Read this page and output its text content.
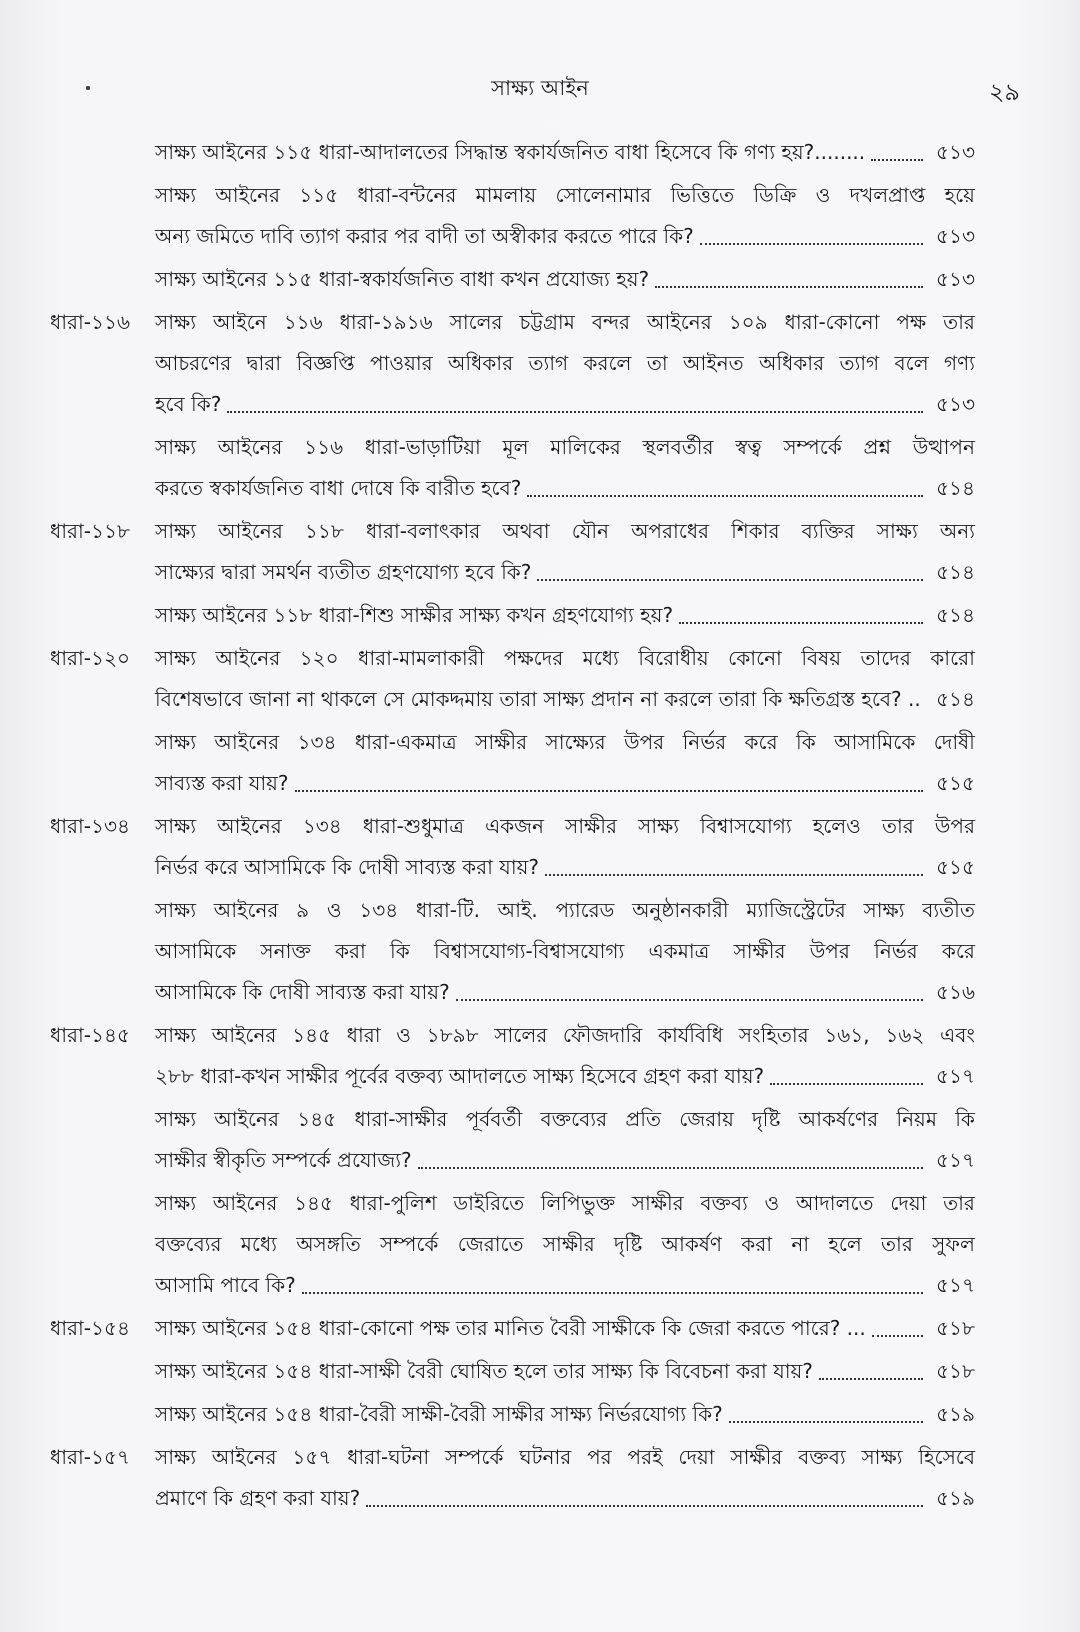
সাক্ষ্য আইন	২৯
সাক্ষ্য আইনের ১১৫ ধারা-আদালতের সিদ্ধান্ত স্বকার্যজনিত বাধা হিসেবে কি গণ্য হয়?........	৫১৩
সাক্ষ্য আইনের ১১৫ ধারা-বন্টনের মামলায় সোলেনামার ভিত্তিতে ডিক্রি ও দখলপ্রাপ্ত হয়ে
অন্য জমিতে দাবি ত্যাগ করার পর বাদী তা অস্বীকার করতে পারে কি?	৫১৩
সাক্ষ্য আইনের ১১৫ ধারা-স্বকার্যজনিত বাধা কখন প্রযোজ্য হয়?	৫১৩
ধারা-১১৬	সাক্ষ্য আইনে ১১৬ ধারা-১৯১৬ সালের চট্টগ্রাম বন্দর আইনের ১০৯ ধারা-কোনো পক্ষ তার
আচরণের দ্বারা বিজ্ঞপ্তি পাওয়ার অধিকার ত্যাগ করলে তা আইনত অধিকার ত্যাগ বলে গণ্য
হবে কি?	৫১৩
সাক্ষ্য আইনের ১১৬ ধারা-ভাড়াটিয়া মূল মালিকের স্থলবর্তীর স্বত্ব সম্পর্কে প্রশ্ন উত্থাপন
করতে স্বকার্যজনিত বাধা দোষে কি বারীত হবে?	৫১৪
ধারা-১১৮	সাক্ষ্য আইনের ১১৮ ধারা-বলাৎকার অথবা যৌন অপরাধের শিকার ব্যক্তির সাক্ষ্য অন্য
সাক্ষ্যের দ্বারা সমর্থন ব্যতীত গ্রহণযোগ্য হবে কি?	৫১৪
সাক্ষ্য আইনের ১১৮ ধারা-শিশু সাক্ষীর সাক্ষ্য কখন গ্রহণযোগ্য হয়?	৫১৪
ধারা-১২০	সাক্ষ্য আইনের ১২০ ধারা-মামলাকারী পক্ষদের মধ্যে বিরোধীয় কোনো বিষয় তাদের কারো
বিশেষভাবে জানা না থাকলে সে মোকদ্দমায় তারা সাক্ষ্য প্রদান না করলে তারা কি ক্ষতিগ্রস্ত হবে? .. ৫১৪
সাক্ষ্য আইনের ১৩৪ ধারা-একমাত্র সাক্ষীর সাক্ষ্যের উপর নির্ভর করে কি আসামিকে দোষী
সাব্যস্ত করা যায়?	৫১৫
ধারা-১৩৪	সাক্ষ্য আইনের ১৩৪ ধারা-শুধুমাত্র একজন সাক্ষীর সাক্ষ্য বিশ্বাসযোগ্য হলেও তার উপর
নির্ভর করে আসামিকে কি দোষী সাব্যস্ত করা যায়?	৫১৫
সাক্ষ্য আইনের ৯ ও ১৩৪ ধারা-টি. আই. প্যারেড অনুষ্ঠানকারী ম্যাজিস্ট্রেটের সাক্ষ্য ব্যতীত
আসামিকে সনাক্ত করা কি বিশ্বাসযোগ্য-বিশ্বাসযোগ্য একমাত্র সাক্ষীর উপর নির্ভর করে
আসামিকে কি দোষী সাব্যস্ত করা যায়?	৫১৬
ধারা-১৪৫	সাক্ষ্য আইনের ১৪৫ ধারা ও ১৮৯৮ সালের ফৌজদারি কার্যবিধি সংহিতার ১৬১, ১৬২ এবং
২৮৮ ধারা-কখন সাক্ষীর পূর্বের বক্তব্য আদালতে সাক্ষ্য হিসেবে গ্রহণ করা যায়?	৫১৭
সাক্ষ্য আইনের ১৪৫ ধারা-সাক্ষীর পূর্ববর্তী বক্তব্যের প্রতি জেরায় দৃষ্টি আকর্ষণের নিয়ম কি
সাক্ষীর স্বীকৃতি সম্পর্কে প্রযোজ্য?	৫১৭
সাক্ষ্য আইনের ১৪৫ ধারা-পুলিশ ডাইরিতে লিপিভুক্ত সাক্ষীর বক্তব্য ও আদালতে দেয়া তার
বক্তব্যের মধ্যে অসঙ্গতি সম্পর্কে জেরাতে সাক্ষীর দৃষ্টি আকর্ষণ করা না হলে তার সুফল
আসামি পাবে কি?	৫১৭
ধারা-১৫৪	সাক্ষ্য আইনের ১৫৪ ধারা-কোনো পক্ষ তার মানিত বৈরী সাক্ষীকে কি জেরা করতে পারে? ...	৫১৮
সাক্ষ্য আইনের ১৫৪ ধারা-সাক্ষী বৈরী ঘোষিত হলে তার সাক্ষ্য কি বিবেচনা করা যায়?	৫১৮
সাক্ষ্য আইনের ১৫৪ ধারা-বৈরী সাক্ষী-বৈরী সাক্ষীর সাক্ষ্য নির্ভরযোগ্য কি?	৫১৯
ধারা-১৫৭	সাক্ষ্য আইনের ১৫৭ ধারা-ঘটনা সম্পর্কে ঘটনার পর পরই দেয়া সাক্ষীর বক্তব্য সাক্ষ্য হিসেবে
প্রমাণে কি গ্রহণ করা যায়?	৫১৯
